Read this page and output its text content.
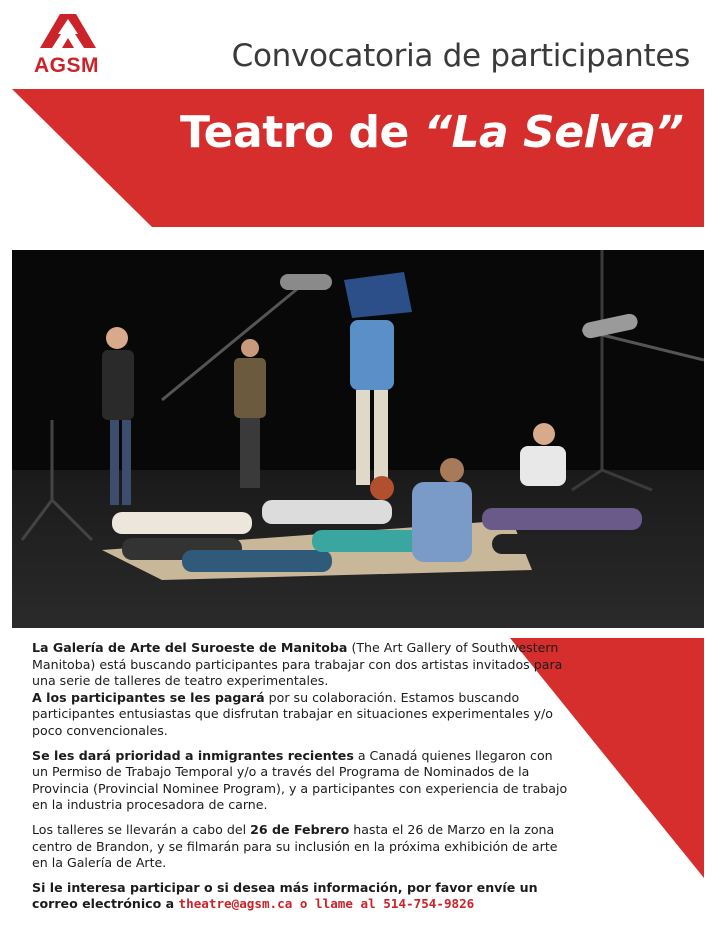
AGSM	Convocatoria de participantes
Teatro de “La Selva”

La Galería de Arte del Suroeste de Manitoba (The Art Gallery of Southwestern Manitoba) está buscando participantes para trabajar con dos artistas invitados para una serie de talleres de teatro experimentales.
A los participantes se les pagará por su colaboración. Estamos buscando participantes entusiastas que disfrutan trabajar en situaciones experimentales y/o poco convencionales.

Se les dará prioridad a inmigrantes recientes a Canadá quienes llegaron con un Permiso de Trabajo Temporal y/o a través del Programa de Nominados de la Provincia (Provincial Nominee Program), y a participantes con experiencia de trabajo en la industria procesadora de carne.

Los talleres se llevarán a cabo del 26 de Febrero hasta el 26 de Marzo en la zona centro de Brandon, y se filmarán para su inclusión en la próxima exhibición de arte en la Galería de Arte.

Si le interesa participar o si desea más información, por favor envíe un correo electrónico a theatre@agsm.ca o llame al 514-754-9826
